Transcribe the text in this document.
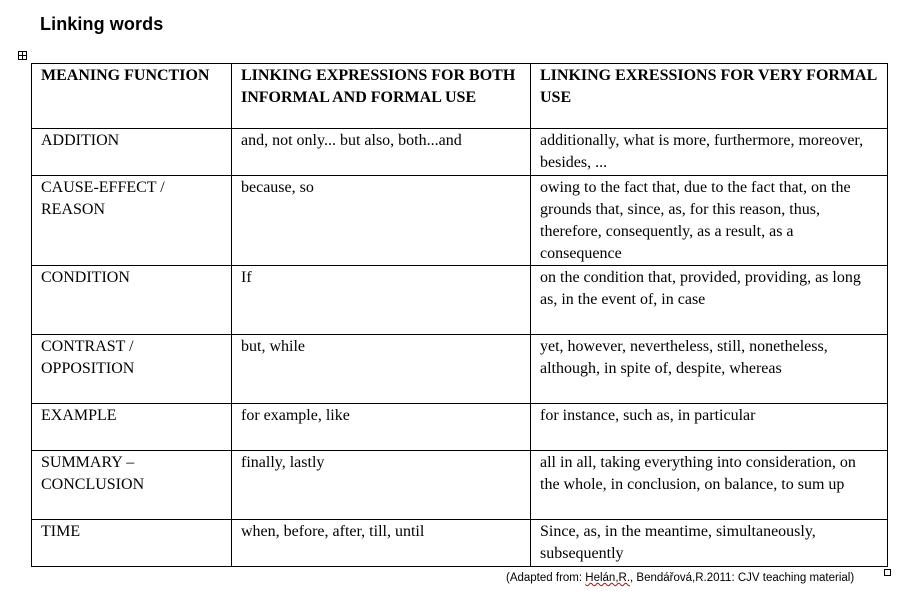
Linking words
MEANING FUNCTION	LINKING EXPRESSIONS FOR BOTH INFORMAL AND FORMAL USE	LINKING EXRESSIONS FOR VERY FORMAL USE
ADDITION	and, not only... but also, both...and	additionally, what is more, furthermore, moreover, besides, ...
CAUSE-EFFECT / REASON	because, so	owing to the fact that, due to the fact that, on the grounds that, since, as, for this reason, thus, therefore, consequently, as a result, as a consequence
CONDITION	If	on the condition that, provided, providing, as long as, in the event of, in case
CONTRAST / OPPOSITION	but, while	yet, however, nevertheless, still, nonetheless, although, in spite of, despite, whereas
EXAMPLE	for example, like	for instance, such as, in particular
SUMMARY – CONCLUSION	finally, lastly	all in all, taking everything into consideration, on the whole, in conclusion, on balance, to sum up
TIME	when, before, after, till, until	Since, as, in the meantime, simultaneously, subsequently
(Adapted from: Helán,R., Bendářová,R.2011: CJV teaching material)
